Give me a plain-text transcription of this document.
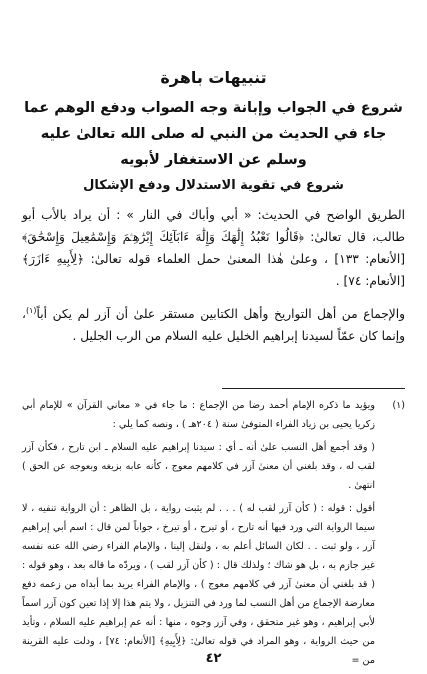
تنبيهات باهرة
شروع في الجواب وإبانة وجه الصواب ودفع الوهم عما جاء في الحديث من النبي له صلى الله تعالىٰ عليه وسلم عن الاستغفار لأبويه
شروع في تقوية الاستدلال ودفع الإشكال

الطريق الواضح في الحديث: « أبي وأباك في النار » : أن يراد بالأب أبو طالب، قال تعالىٰ: ﴿قَالُوا نَعْبُدُ إِلَٰهَكَ وَإِلَٰهَ ءَابَآئِكَ إِبْرَٰهِـۧمَ وَإِسْمَٰعِيلَ وَإِسْحَٰقَ﴾ [الأنعام: ١٣٣] ، وعلىٰ هٰذا المعنىٰ حمل العلماء قوله تعالىٰ: ﴿لِأَبِيهِ ءَازَرَ﴾ [الأنعام: ٧٤] .

والإجماع من أهل التواريخ وأهل الكتابين مستقر علىٰ أن آزر لم يكن أباً$^{(١)}$، وإنما كان عمّاً لسيدنا إبراهيم الخليل عليه السلام من الرب الجليل .

(١)

ويؤيد ما ذكره الإمام أحمد رضا من الإجماع : ما جاء في « معاني القرآن » للإمام أبي زكريا يحيى بن زياد الفراء المتوفىٰ سنة ( ٢٠٤هـ ) ، ونصه كما يلي :

( وقد أجمع أهل النسب علىٰ أنه ـ أي : سيدنا إبراهيم عليه السلام ـ ابن تارح ، فكأن آزر لقب له ، وقد بلغني أن معنىٰ آزر في كلامهم معوج ، كأنه عابه بزيغه وبعوجه عن الحق ) انتهىٰ .

أقول : قوله : ( كأن آزر لقب له ) . . . لم يثبت رواية ، بل الظاهر : أن الرواية تنفيه ، لا سيما الرواية التي ورد فيها أنه تارح ، أو تيرح ، أو تيرخ ، جواباً لمن قال : اسم أبي إبراهيم آزر ، ولو ثبت . . لكان السائل أعلم به ، ولنقل إلينا ، والإمام الفراء رضي الله عنه نفسه غير جازم به ، بل هو شاك ؛ ولذلك قال : ( كأن آزر لقب ) ، ويردّه ما قاله بعد ، وهو قوله : ( قد بلغني أن معنىٰ آزر في كلامهم معوج ) ، والإمام الفراء يريد بما أبداه من زعمه دفع معارضة الإجماع من أهل النسب لما ورد في التنزيل ، ولا يتم هذا إلا إذا تعين كون آزر اسماً لأبي إبراهيم ، وهو غير متحقق ، وفي آزر وجوه ، منها : أنه عم إبراهيم عليه السلام ، وتأيد من حيث الرواية ، وهو المراد في قوله تعالىٰ: ﴿لِأَبِيهِ﴾ [الأنعام: ٧٤] ، ودلت عليه القرينة من =

٤٢
